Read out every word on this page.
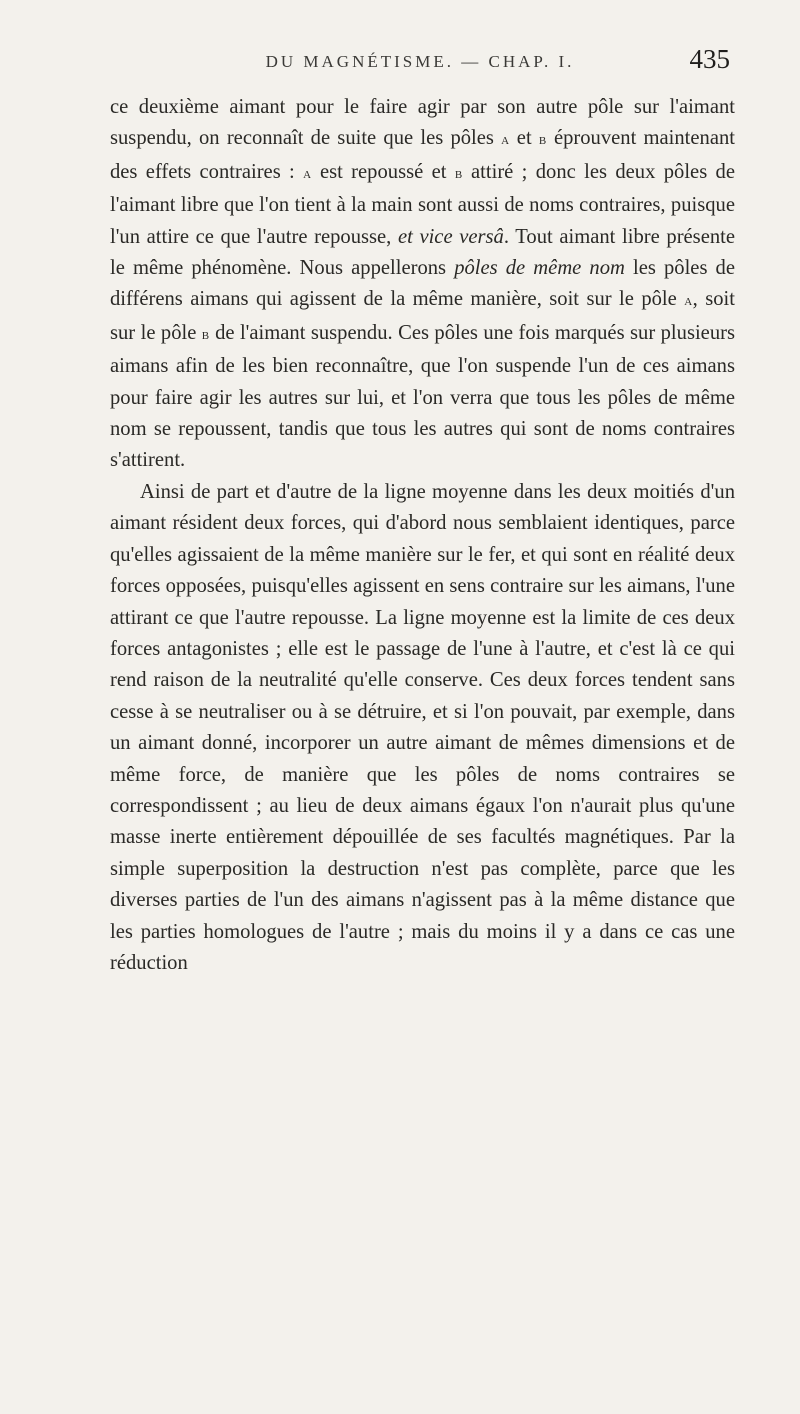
DU MAGNÉTISME. — CHAP. I.	435

ce deuxième aimant pour le faire agir par son autre pôle sur l'aimant suspendu, on reconnaît de suite que les pôles a et b éprouvent maintenant des effets contraires : a est repoussé et b attiré ; donc les deux pôles de l'aimant libre que l'on tient à la main sont aussi de noms contraires, puisque l'un attire ce que l'autre repousse, et vice versâ. Tout aimant libre présente le même phénomène. Nous appellerons pôles de même nom les pôles de différens aimans qui agissent de la même manière, soit sur le pôle a, soit sur le pôle b de l'aimant suspendu. Ces pôles une fois marqués sur plusieurs aimans afin de les bien reconnaître, que l'on suspende l'un de ces aimans pour faire agir les autres sur lui, et l'on verra que tous les pôles de même nom se repoussent, tandis que tous les autres qui sont de noms contraires s'attirent.

Ainsi de part et d'autre de la ligne moyenne dans les deux moitiés d'un aimant résident deux forces, qui d'abord nous semblaient identiques, parce qu'elles agissaient de la même manière sur le fer, et qui sont en réalité deux forces opposées, puisqu'elles agissent en sens contraire sur les aimans, l'une attirant ce que l'autre repousse. La ligne moyenne est la limite de ces deux forces antagonistes ; elle est le passage de l'une à l'autre, et c'est là ce qui rend raison de la neutralité qu'elle conserve. Ces deux forces tendent sans cesse à se neutraliser ou à se détruire, et si l'on pouvait, par exemple, dans un aimant donné, incorporer un autre aimant de mêmes dimensions et de même force, de manière que les pôles de noms contraires se correspondissent ; au lieu de deux aimans égaux l'on n'aurait plus qu'une masse inerte entièrement dépouillée de ses facultés magnétiques. Par la simple superposition la destruction n'est pas complète, parce que les diverses parties de l'un des aimans n'agissent pas à la même distance que les parties homologues de l'autre ; mais du moins il y a dans ce cas une réduction
